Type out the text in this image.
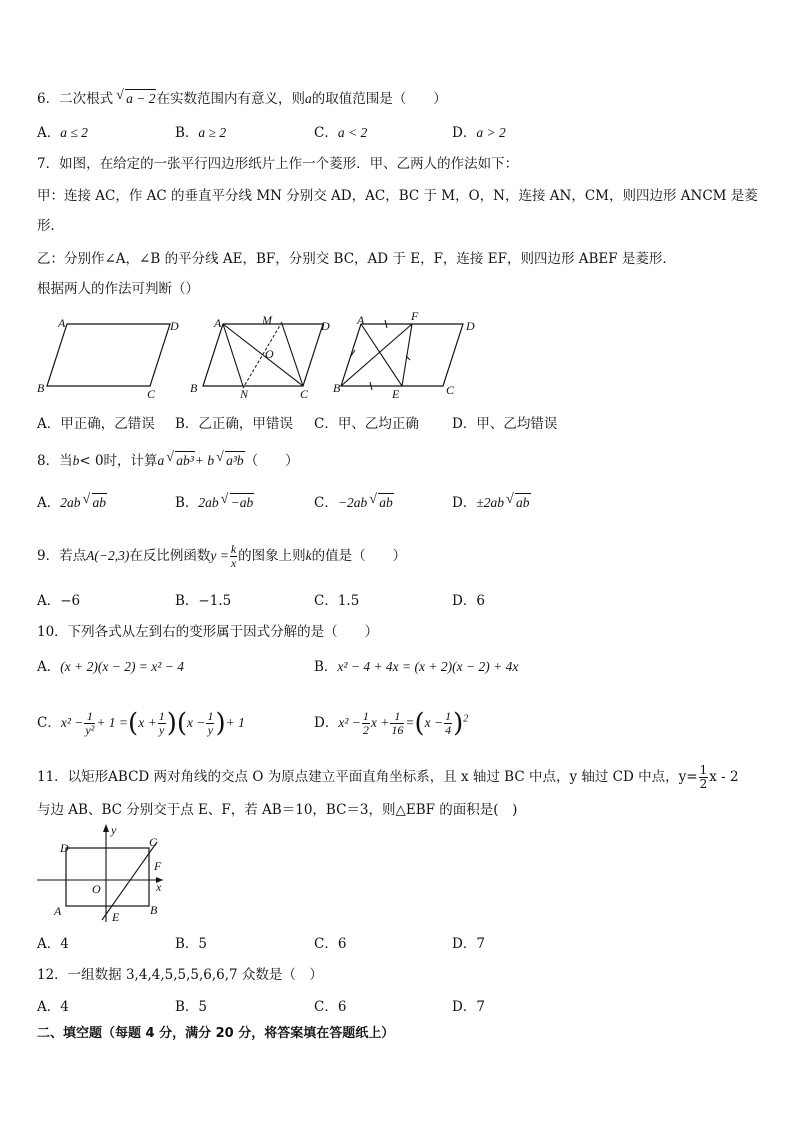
6．二次根式 √ a − 2在实数范围内有意义，则a的取值范围是（　　）
A．a ≤ 2	B．a ≥ 2	C．a < 2	D．a > 2
7．如图，在给定的一张平行四边形纸片上作一个菱形．甲、乙两人的作法如下：
甲：连接 AC，作 AC 的垂直平分线 MN 分别交 AD，AC，BC 于 M，O，N，连接 AN，CM，则四边形 ANCM 是菱
形．
乙：分别作∠A，∠B 的平分线 AE，BF，分别交 BC，AD 于 E，F，连接 EF，则四边形 ABEF 是菱形．
根据两人的作法可判断（）
A	D
B	C
A	M	D
O
B	N	C
A	F
D
B	E	C
A．甲正确，乙错误 B．乙正确，甲错误 C．甲、乙均正确 D．甲、乙均错误
8．当b< 0时，计算a √ ab³+ b √ a³b（　　）
A．2ab √ ab	B．2ab √ −ab	C．−2ab √ ab	D．±2ab √ ab
9．若点A(−2,3)在反比例函数$y = \frac{k}{x}$ 的图象上则k的值是（　　）
A．−6	B．−1.5	C．1.5	D．6
10．下列各式从左到右的变形属于因式分解的是（　　）
A．(x + 2)(x − 2) = x² − 4	B．x² − 4 + 4x = (x + 2)(x − 2) + 4x
C．$x^2 - \frac{1}{\text{y²}} + 1 =(x + \frac{1}{y} )(x - \frac{1}{y}$ )+ 1	D．$x^2 - \frac{1}{2}$ $x + \frac{1}{16} =(x - \frac{1}{4} )^2$
11．以矩形ABCD 两对角线的交点 O 为原点建立平面直角坐标系，且 x 轴过 BC 中点，y 轴过 CD 中点，$y= \frac{1}{2}$ x - 2
与边 AB、BC 分别交于点 E、F，若 AB＝10，BC＝3，则△EBF 的面积是(　)
C
D
y
F
x
O
A	B
E
A．4	B．5	C．6	D．7
12．一组数据 3,4,4,5,5,5,6,6,7 众数是（　）
A．4	B．5	C．6	D．7
二、填空题（每题 4 分，满分 20 分，将答案填在答题纸上）
